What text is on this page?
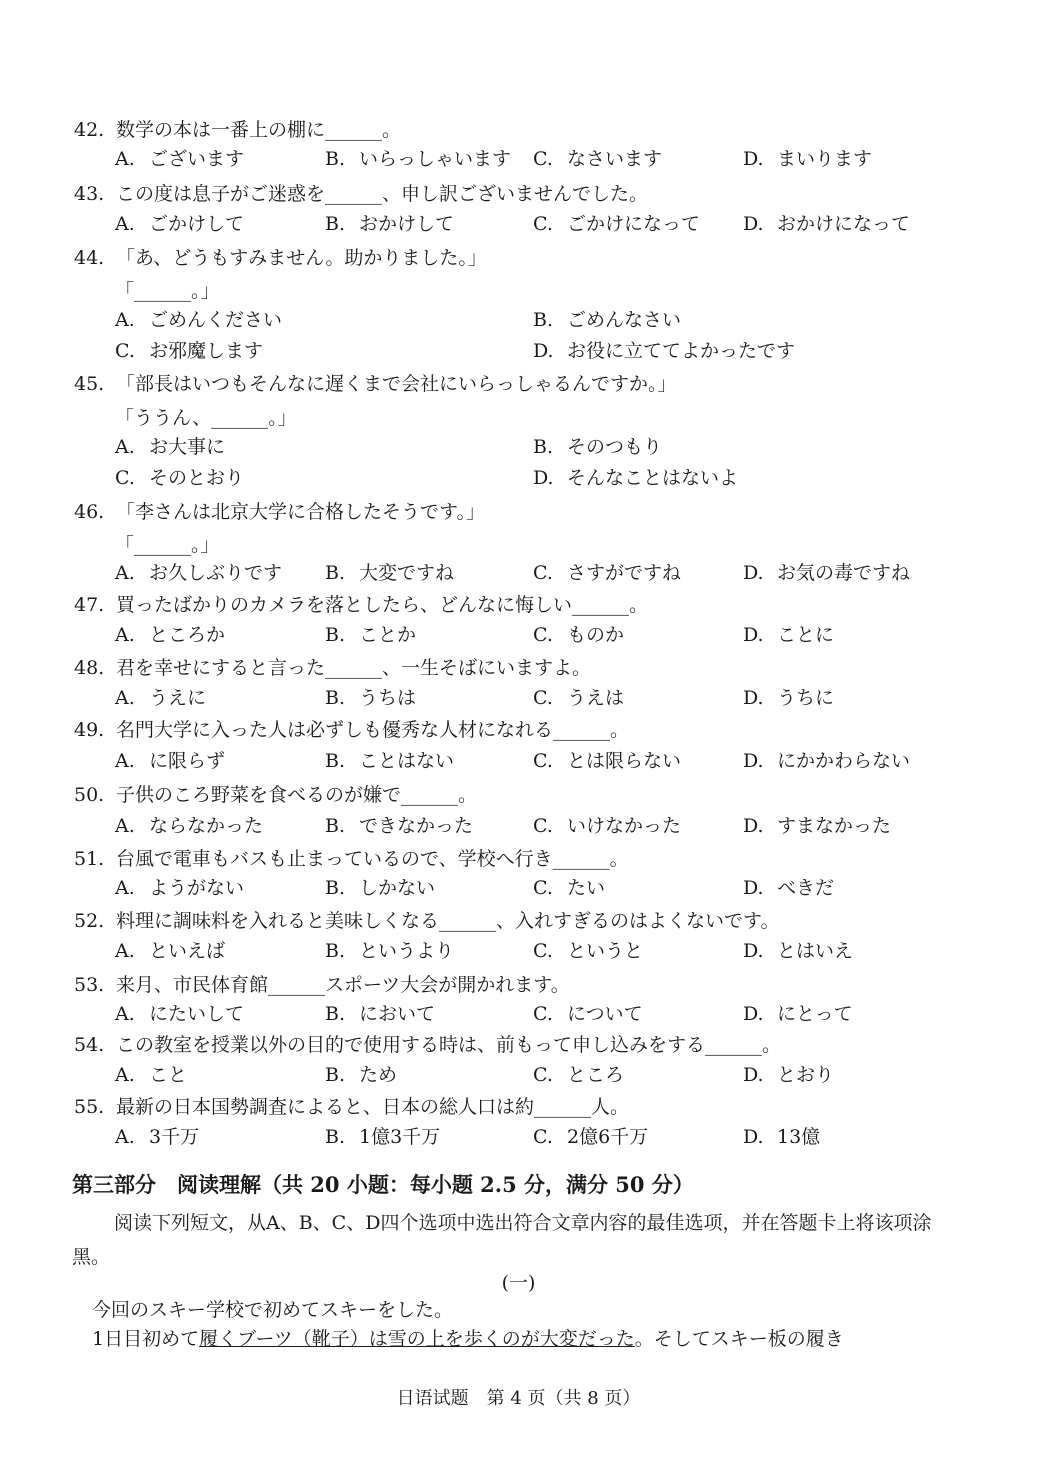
42. 数学の本は一番上の棚に______。
A. ございます	B. いらっしゃいます C. なさいます	D. まいります
43. この度は息子がご迷惑を______、申し訳ございませんでした。
A. ごかけして	B. おかけして	C. ごかけになって D. おかけになって
44. 「あ、どうもすみません。助かりました。」
「______。」
A. ごめんください	B. ごめんなさい
C. お邪魔します	D. お役に立ててよかったです
45. 「部長はいつもそんなに遅くまで会社にいらっしゃるんですか。」
「ううん、______。」
A. お大事に	B. そのつもり
C. そのとおり	D. そんなことはないよ
46. 「李さんは北京大学に合格したそうです。」
「______。」
A. お久しぶりです B. 大変ですね	C. さすがですね	D. お気の毒ですね
47. 買ったばかりのカメラを落としたら、どんなに悔しい______。
A. ところか	B. ことか	C. ものか	D. ことに
48. 君を幸せにすると言った______、一生そばにいますよ。
A. うえに	B. うちは	C. うえは	D. うちに
49. 名門大学に入った人は必ずしも優秀な人材になれる______。
A. に限らず	B. ことはない	C. とは限らない	D. にかかわらない
50. 子供のころ野菜を食べるのが嫌で______。
A. ならなかった	B. できなかった	C. いけなかった	D. すまなかった
51. 台風で電車もバスも止まっているので、学校へ行き______。
A. ようがない	B. しかない	C. たい	D. べきだ
52. 料理に調味料を入れると美味しくなる______、入れすぎるのはよくないです。
A. といえば	B. というより	C. というと	D. とはいえ
53. 来月、市民体育館______スポーツ大会が開かれます。
A. にたいして	B. において	C. について	D. にとって
54. この教室を授業以外の目的で使用する時は、前もって申し込みをする______。
A. こと	B. ため	C. ところ	D. とおり
55. 最新の日本国勢調査によると、日本の総人口は約______人。
A. 3千万	B. 1億3千万	C. 2億6千万	D. 13億
第三部分　阅读理解（共 20 小题：每小题 2.5 分，满分 50 分）
阅读下列短文，从A、B、C、D四个选项中选出符合文章内容的最佳选项，并在答题卡上将该项涂黑。
(一)
今回のスキー学校で初めてスキーをした。
1日目初めて履くブーツ（靴子）は雪の上を歩くのが大変だった。そしてスキー板の履き
日语试题　第 4 页（共 8 页）
